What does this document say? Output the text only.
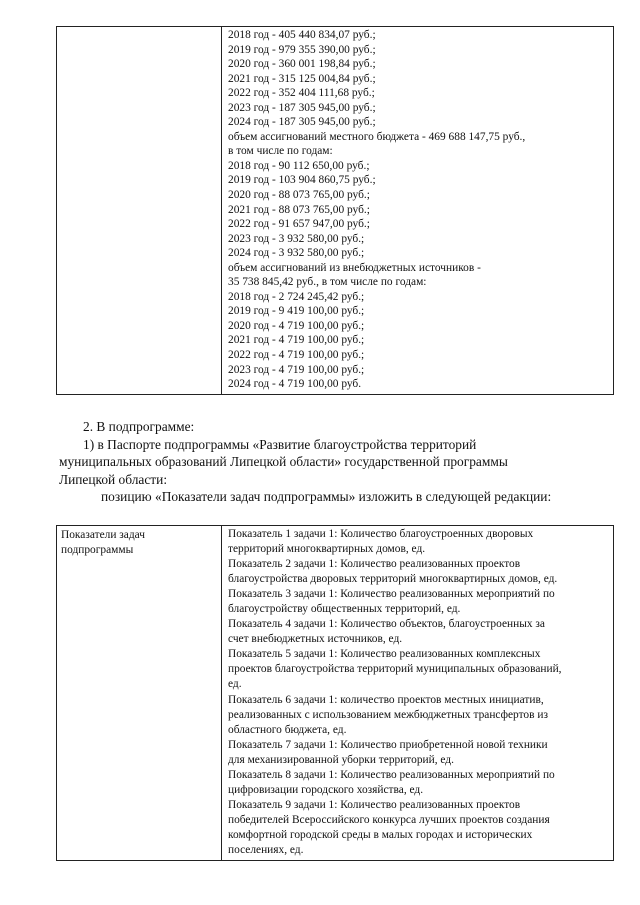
2018 год - 405 440 834,07 руб.;
2019 год - 979 355 390,00 руб.;
2020 год - 360 001 198,84 руб.;
2021 год - 315 125 004,84 руб.;
2022 год - 352 404 111,68 руб.;
2023 год - 187 305 945,00 руб.;
2024 год - 187 305 945,00 руб.;
объем ассигнований местного бюджета - 469 688 147,75 руб.,
в том числе по годам:
2018 год - 90 112 650,00 руб.;
2019 год - 103 904 860,75 руб.;
2020 год - 88 073 765,00 руб.;
2021 год - 88 073 765,00 руб.;
2022 год - 91 657 947,00 руб.;
2023 год - 3 932 580,00 руб.;
2024 год - 3 932 580,00 руб.;
объем ассигнований из внебюджетных источников -
35 738 845,42 руб., в том числе по годам:
2018 год - 2 724 245,42 руб.;
2019 год - 9 419 100,00 руб.;
2020 год - 4 719 100,00 руб.;
2021 год - 4 719 100,00 руб.;
2022 год - 4 719 100,00 руб.;
2023 год - 4 719 100,00 руб.;
2024 год - 4 719 100,00 руб.
2. В подпрограмме:
1) в Паспорте подпрограммы «Развитие благоустройства территорий
муниципальных образований Липецкой области» государственной программы
Липецкой области:
позицию «Показатели задач подпрограммы» изложить в следующей редакции:
Показатели задач
подпрограммы

Показатель 1 задачи 1: Количество благоустроенных дворовых
территорий многоквартирных домов, ед.
Показатель 2 задачи 1: Количество реализованных проектов
благоустройства дворовых территорий многоквартирных домов, ед.
Показатель 3 задачи 1: Количество реализованных мероприятий по
благоустройству общественных территорий, ед.
Показатель 4 задачи 1: Количество объектов, благоустроенных за
счет внебюджетных источников, ед.
Показатель 5 задачи 1: Количество реализованных комплексных
проектов благоустройства территорий муниципальных образований,
ед.
Показатель 6 задачи 1: количество проектов местных инициатив,
реализованных с использованием межбюджетных трансфертов из
областного бюджета, ед.
Показатель 7 задачи 1: Количество приобретенной новой техники
для механизированной уборки территорий, ед.
Показатель 8 задачи 1: Количество реализованных мероприятий по
цифровизации городского хозяйства, ед.
Показатель 9 задачи 1: Количество реализованных проектов
победителей Всероссийского конкурса лучших проектов создания
комфортной городской среды в малых городах и исторических
поселениях, ед.
